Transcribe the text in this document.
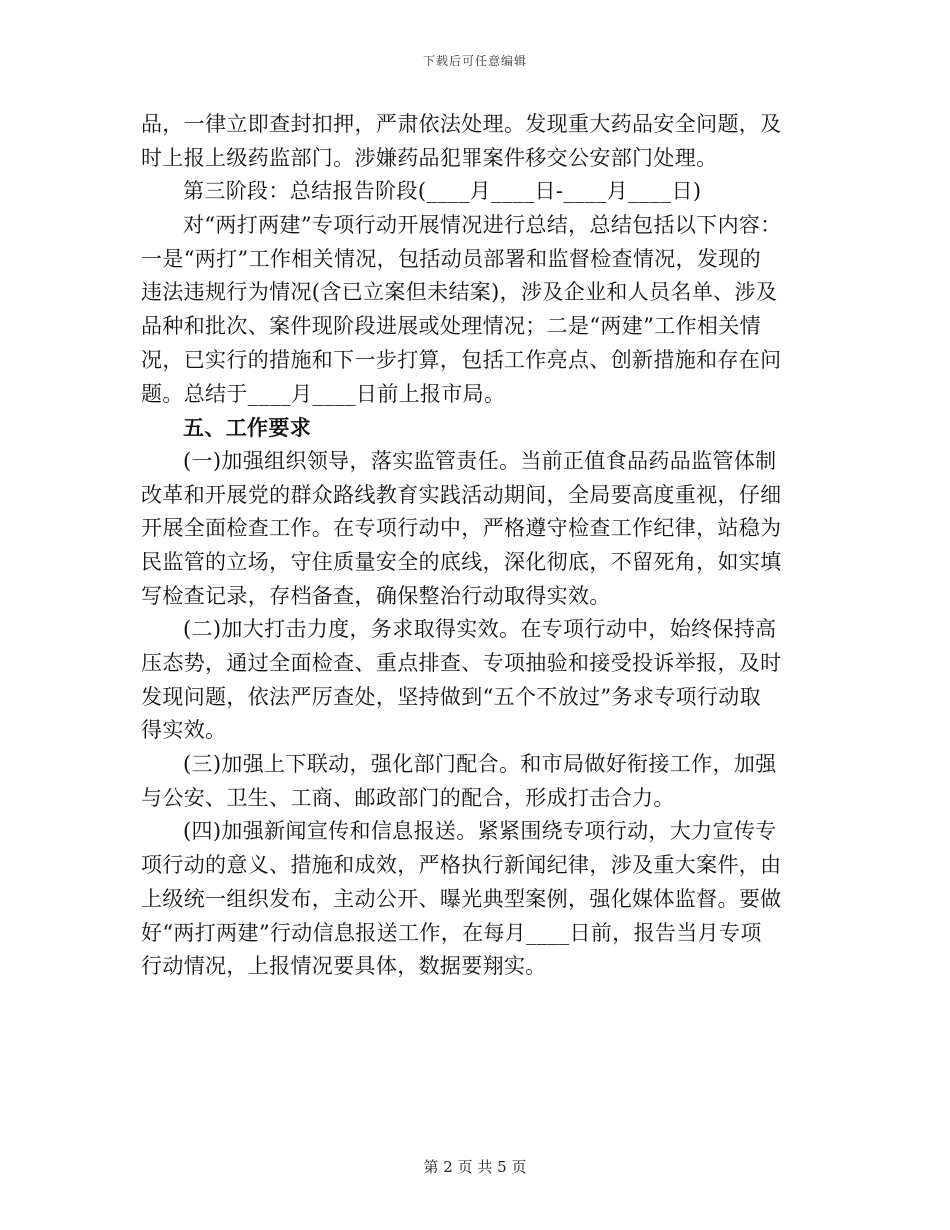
下载后可任意编辑
品，一律立即查封扣押，严肃依法处理。发现重大药品安全问题，及
时上报上级药监部门。涉嫌药品犯罪案件移交公安部门处理。
第三阶段：总结报告阶段(____月____日-____月____日)
对“两打两建”专项行动开展情况进行总结，总结包括以下内容：
一是“两打”工作相关情况，包括动员部署和监督检查情况，发现的
违法违规行为情况(含已立案但未结案)，涉及企业和人员名单、涉及
品种和批次、案件现阶段进展或处理情况；二是“两建”工作相关情
况，已实行的措施和下一步打算，包括工作亮点、创新措施和存在问
题。总结于____月____日前上报市局。
五、工作要求
(一)加强组织领导，落实监管责任。当前正值食品药品监管体制
改革和开展党的群众路线教育实践活动期间，全局要高度重视，仔细
开展全面检查工作。在专项行动中，严格遵守检查工作纪律，站稳为
民监管的立场，守住质量安全的底线，深化彻底，不留死角，如实填
写检查记录，存档备查，确保整治行动取得实效。
(二)加大打击力度，务求取得实效。在专项行动中，始终保持高
压态势，通过全面检查、重点排查、专项抽验和接受投诉举报，及时
发现问题，依法严厉查处，坚持做到“五个不放过”务求专项行动取
得实效。
(三)加强上下联动，强化部门配合。和市局做好衔接工作，加强
与公安、卫生、工商、邮政部门的配合，形成打击合力。
(四)加强新闻宣传和信息报送。紧紧围绕专项行动，大力宣传专
项行动的意义、措施和成效，严格执行新闻纪律，涉及重大案件，由
上级统一组织发布，主动公开、曝光典型案例，强化媒体监督。要做
好“两打两建”行动信息报送工作，在每月____日前，报告当月专项
行动情况，上报情况要具体，数据要翔实。
第 2 页 共 5 页
